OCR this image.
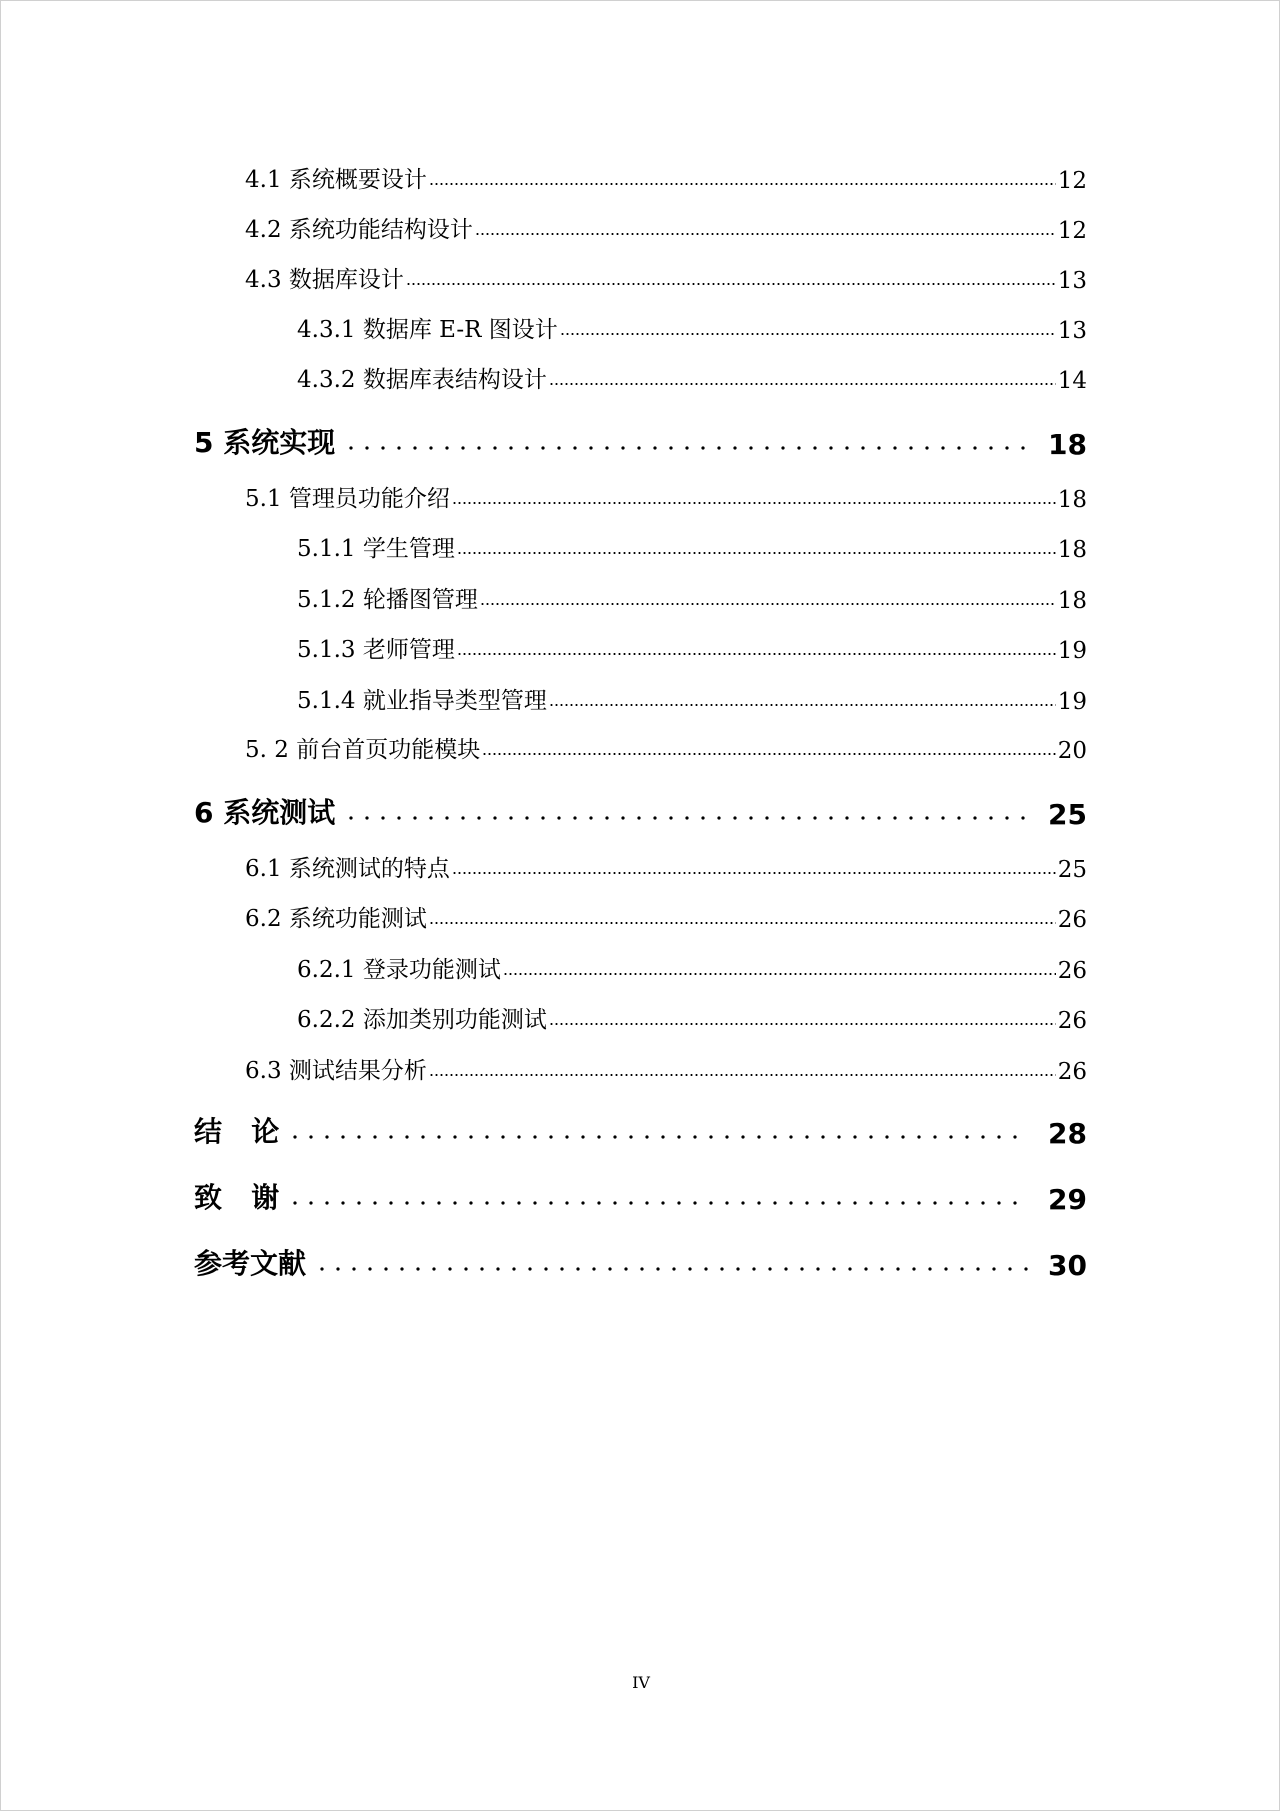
4.1 系统概要设计	12
4.2 系统功能结构设计	12
4.3 数据库设计	13
4.3.1 数据库 E-R 图设计	13
4.3.2 数据库表结构设计	14
5 系统实现	18
5.1 管理员功能介绍	18
5.1.1 学生管理	18
5.1.2 轮播图管理	18
5.1.3 老师管理	19
5.1.4 就业指导类型管理	19
5. 2 前台首页功能模块	20
6 系统测试	25
6.1 系统测试的特点	25
6.2 系统功能测试	26
6.2.1 登录功能测试	26
6.2.2 添加类别功能测试	26
6.3 测试结果分析	26
结   论	28
致   谢	29
参考文献	30
IV
